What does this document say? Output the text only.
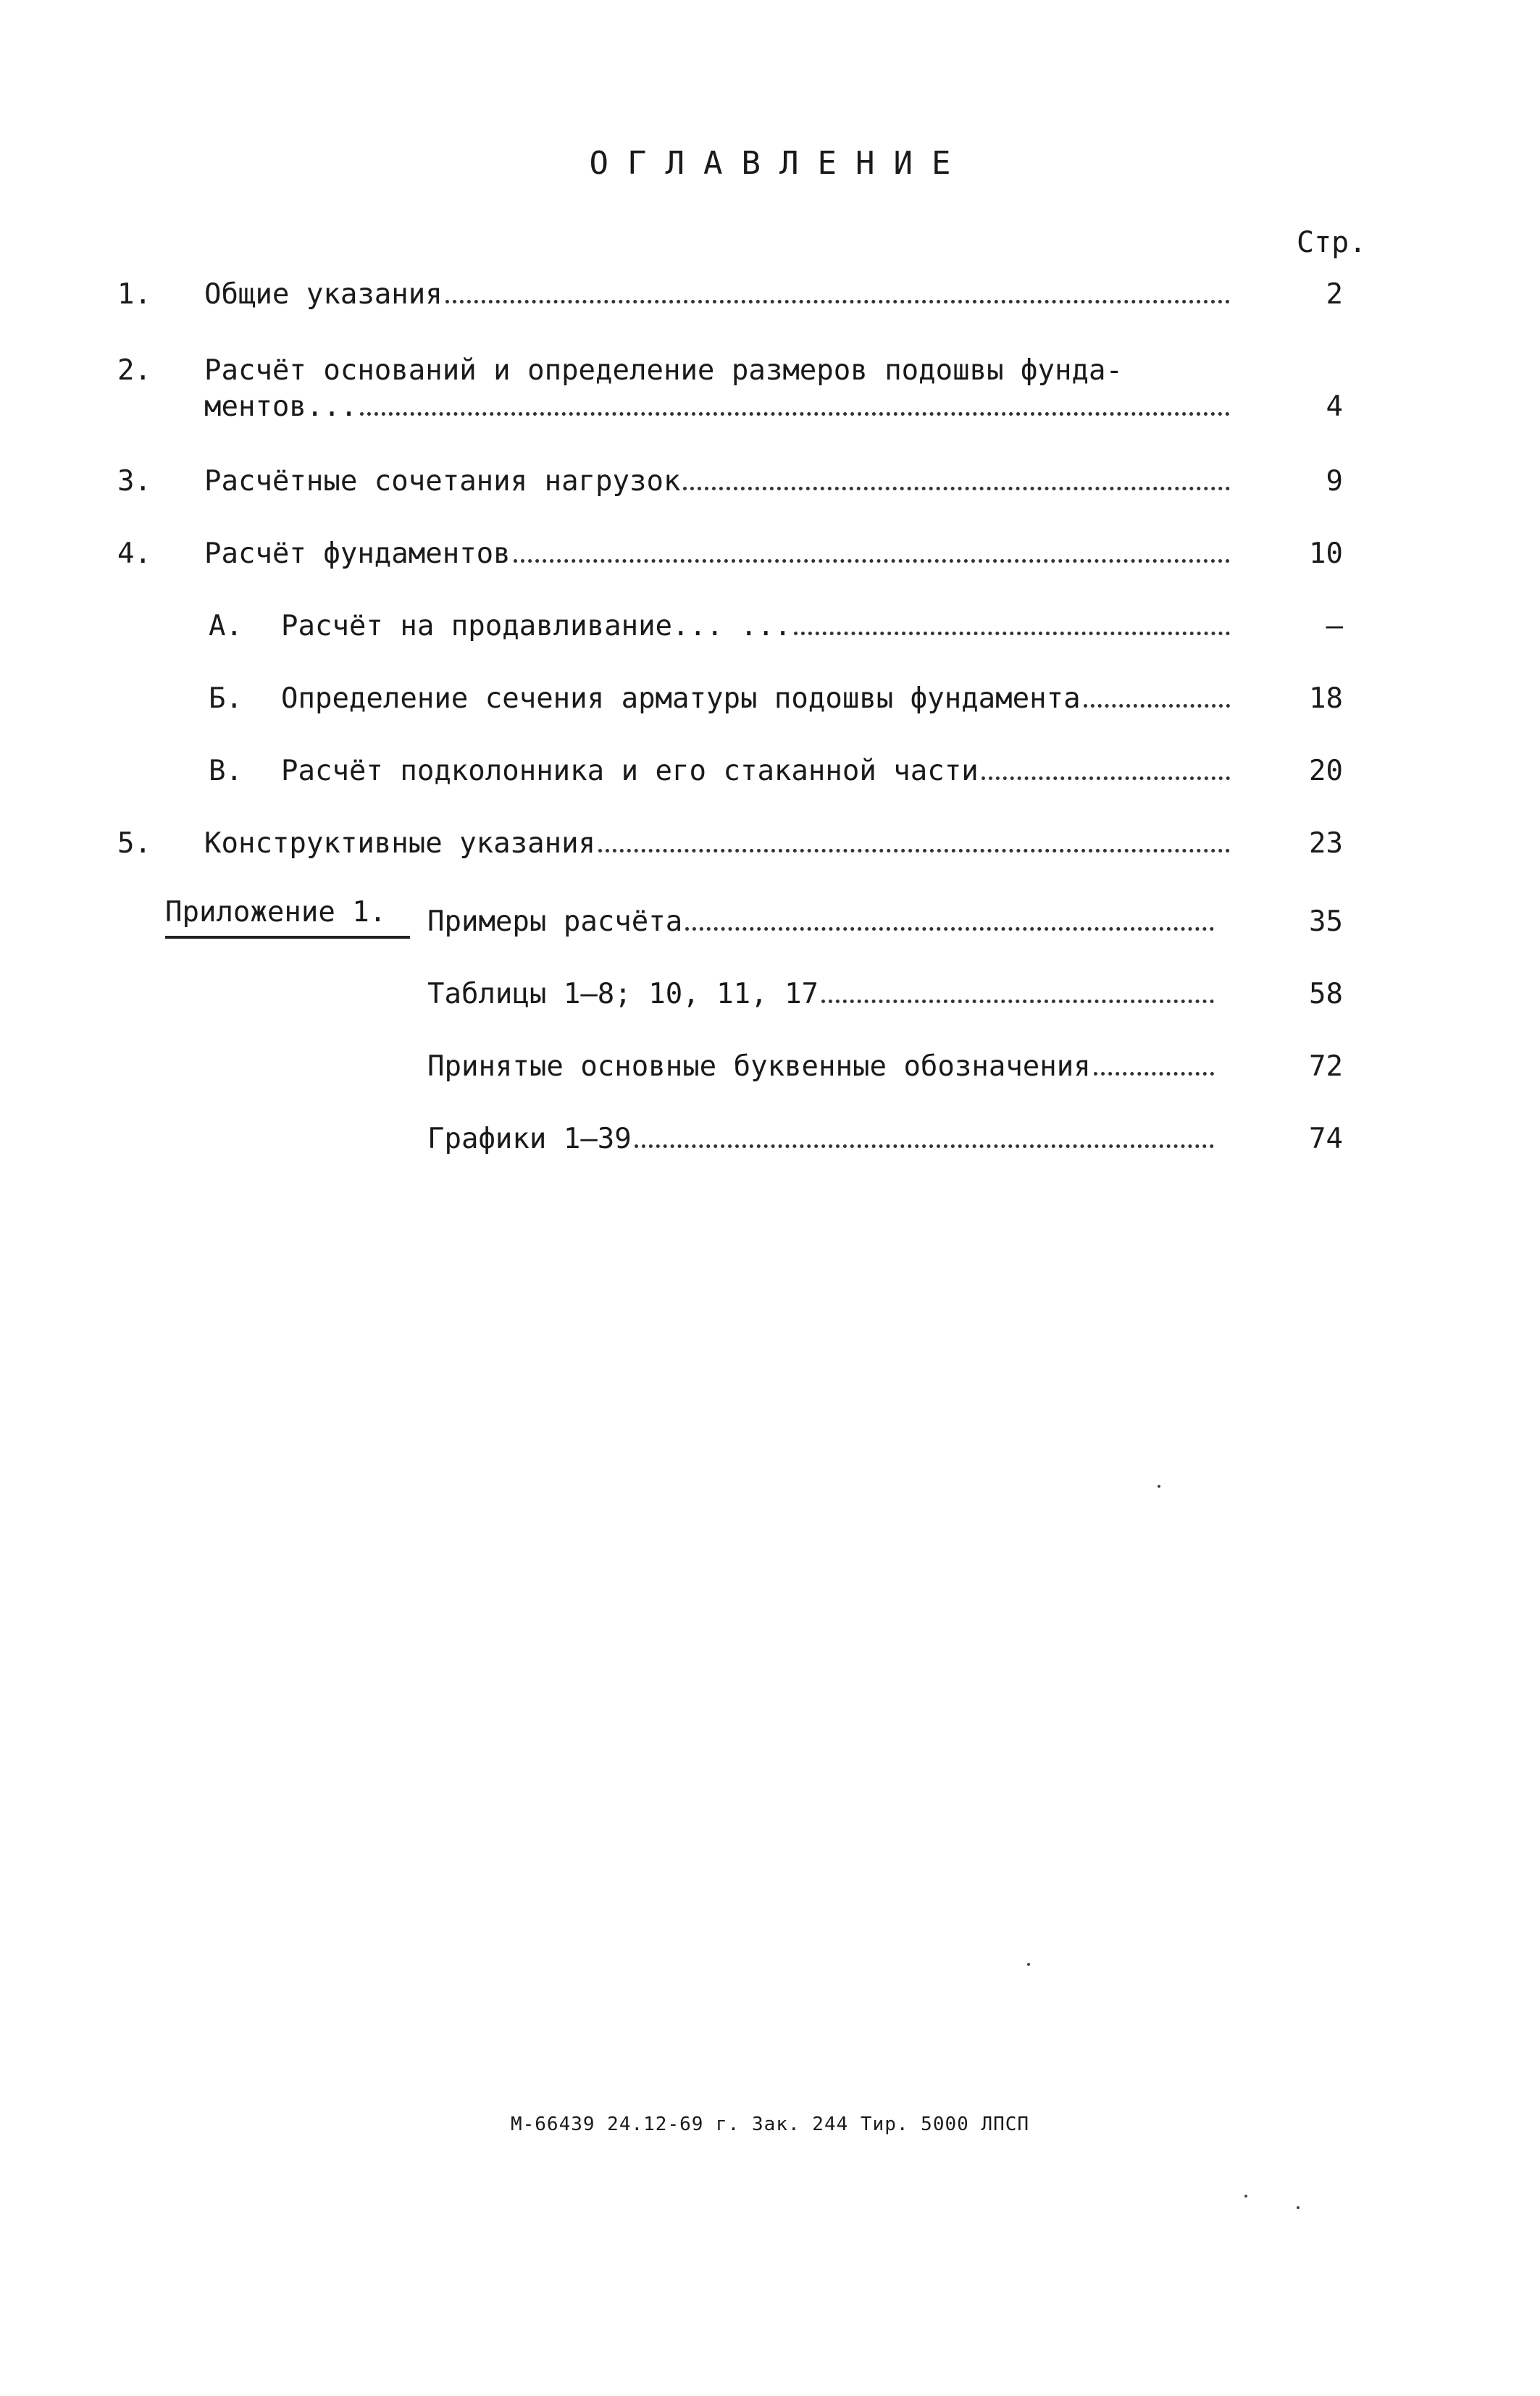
ОГЛАВЛЕНИЕ
Стр.
1. Общие указания	2
2. Расчёт оснований и определение размеров подошвы фунда-
ментов...	4
3. Расчётные сочетания нагрузок	9
4. Расчёт фундаментов	10
А. Расчёт на продавливание... ...	–
Б. Определение сечения арматуры подошвы фундамента	18
В. Расчёт подколонника и его стаканной части	20
5. Конструктивные указания	23
Приложение 1. Примеры расчёта	35
Таблицы 1–8; 10, 11, 17	58
Принятые основные буквенные обозначения	72
Графики 1–39	74
М-66439 24.12-69 г. Зак. 244 Тир. 5000 ЛПСП
